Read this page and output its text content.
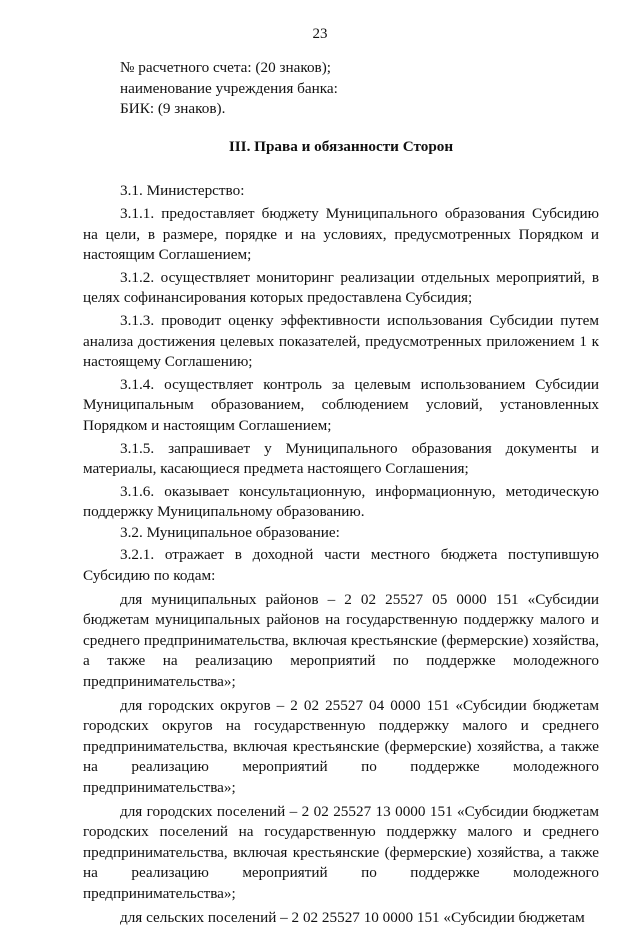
23

№ расчетного счета: (20 знаков);

наименование учреждения банка:

БИК: (9 знаков).

III. Права и обязанности Сторон

3.1. Министерство:

3.1.1. предоставляет бюджету Муниципального образования Субсидию на цели, в размере, порядке и на условиях, предусмотренных Порядком и настоящим Соглашением;

3.1.2. осуществляет мониторинг реализации отдельных мероприятий, в целях софинансирования которых предоставлена Субсидия;

3.1.3. проводит оценку эффективности использования Субсидии путем анализа достижения целевых показателей, предусмотренных приложением 1 к настоящему Соглашению;

3.1.4. осуществляет контроль за целевым использованием Субсидии Муниципальным образованием, соблюдением условий, установленных Порядком и настоящим Соглашением;

3.1.5. запрашивает у Муниципального образования документы и материалы, касающиеся предмета настоящего Соглашения;

3.1.6. оказывает консультационную, информационную, методическую поддержку Муниципальному образованию.

3.2. Муниципальное образование:

3.2.1. отражает в доходной части местного бюджета поступившую Субсидию по кодам:

для муниципальных районов – 2 02 25527 05 0000 151 «Субсидии бюджетам муниципальных районов на государственную поддержку малого и среднего предпринимательства, включая крестьянские (фермерские) хозяйства, а также на реализацию мероприятий по поддержке молодежного предпринимательства»;

для городских округов – 2 02 25527 04 0000 151 «Субсидии бюджетам городских округов на государственную поддержку малого и среднего предпринимательства, включая крестьянские (фермерские) хозяйства, а также на реализацию мероприятий по поддержке молодежного предпринимательства»;

для городских поселений – 2 02 25527 13 0000 151 «Субсидии бюджетам городских поселений на государственную поддержку малого и среднего предпринимательства, включая крестьянские (фермерские) хозяйства, а также на реализацию мероприятий по поддержке молодежного предпринимательства»;

для сельских поселений – 2 02 25527 10 0000 151 «Субсидии бюджетам
